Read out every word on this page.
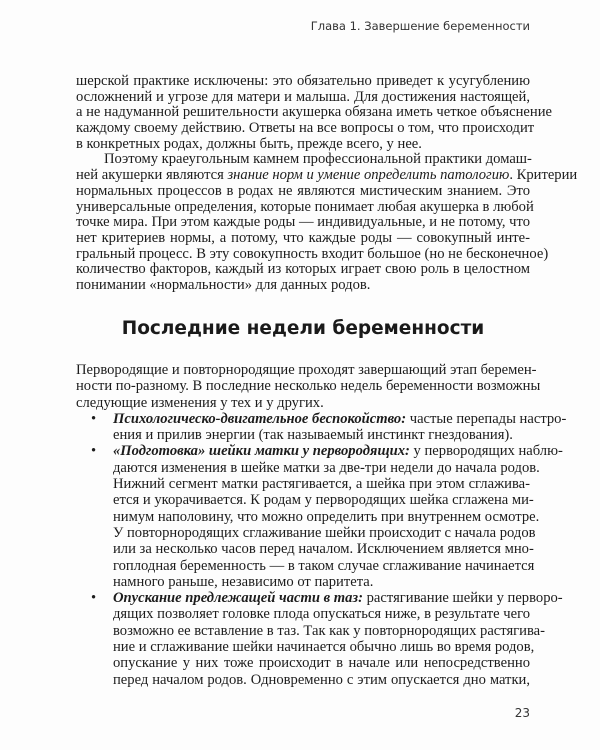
Глава 1. Завершение беременности
шерской практике исключены: это обязательно приведет к усугублению
осложнений и угрозе для матери и малыша. Для достижения настоящей,
а не надуманной решительности акушерка обязана иметь четкое объяснение
каждому своему действию. Ответы на все вопросы о том, что происходит
в конкретных родах, должны быть, прежде всего, у нее.
Поэтому краеугольным камнем профессиональной практики домаш-
ней акушерки являются знание норм и умение определить патологию. Критерии
нормальных процессов в родах не являются мистическим знанием. Это
универсальные определения, которые понимает любая акушерка в любой
точке мира. При этом каждые роды — индивидуальные, и не потому, что
нет критериев нормы, а потому, что каждые роды — совокупный инте-
гральный процесс. В эту совокупность входит большое (но не бесконечное)
количество факторов, каждый из которых играет свою роль в целостном
понимании «нормальности» для данных родов.
Последние недели беременности
Первородящие и повторнородящие проходят завершающий этап беремен-
ности по-разному. В последние несколько недель беременности возможны
следующие изменения у тех и у других.
• Психологическо-двигательное беспокойство: частые перепады настро-
ения и прилив энергии (так называемый инстинкт гнездования).
• «Подготовка» шейки матки у первородящих: у первородящих наблю-
даются изменения в шейке матки за две-три недели до начала родов.
Нижний сегмент матки растягивается, а шейка при этом сглажива-
ется и укорачивается. К родам у первородящих шейка сглажена ми-
нимум наполовину, что можно определить при внутреннем осмотре.
У повторнородящих сглаживание шейки происходит с начала родов
или за несколько часов перед началом. Исключением является мно-
гоплодная беременность — в таком случае сглаживание начинается
намного раньше, независимо от паритета.
• Опускание предлежащей части в таз: растягивание шейки у перворо-
дящих позволяет головке плода опускаться ниже, в результате чего
возможно ее вставление в таз. Так как у повторнородящих растягива-
ние и сглаживание шейки начинается обычно лишь во время родов,
опускание у них тоже происходит в начале или непосредственно
перед началом родов. Одновременно с этим опускается дно матки,
23
